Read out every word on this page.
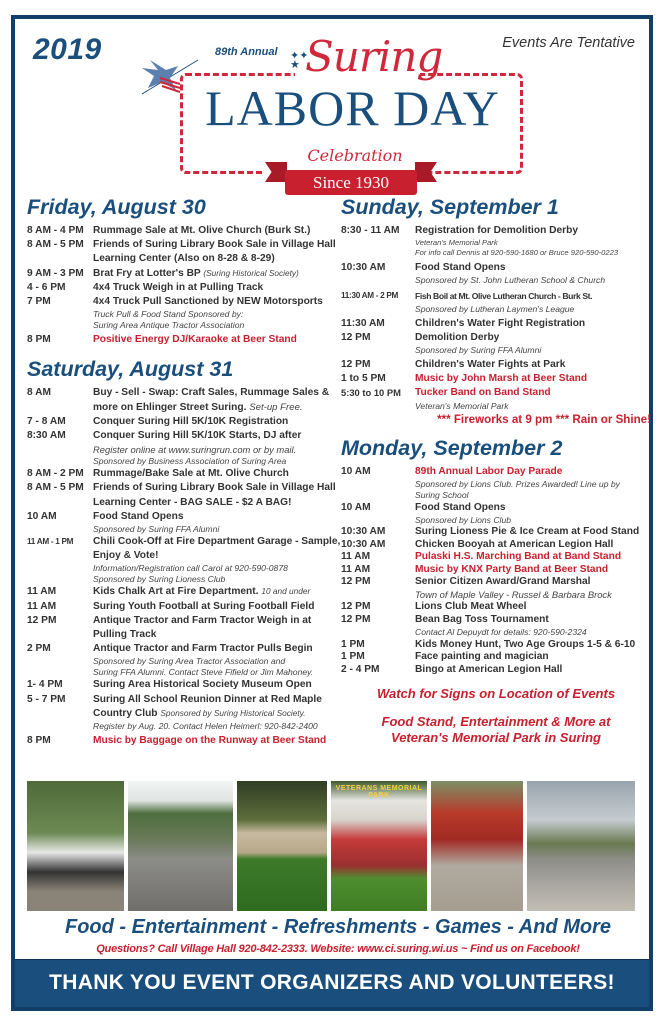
2019	Events Are Tentative
89th Annual ✦✦
★ Suring
LABOR DAY
Celebration
Since 1930
Friday, August 30
8 AM - 4 PM Rummage Sale at Mt. Olive Church (Burk St.)
8 AM - 5 PM Friends of Suring Library Book Sale in Village Hall Learning Center (Also on 8-28 & 8-29)
9 AM - 3 PM Brat Fry at Lotter's BP (Suring Historical Society)
4 - 6 PM	4x4 Truck Weigh in at Pulling Track
7 PM	4x4 Truck Pull Sanctioned by NEW Motorsports
Truck Pull & Food Stand Sponsored by:
Suring Area Antique Tractor Association
8 PM	Positive Energy DJ/Karaoke at Beer Stand
Saturday, August 31
8 AM	Buy - Sell - Swap: Craft Sales, Rummage Sales & more on Ehlinger Street Suring. Set-up Free.
7 - 8 AM	Conquer Suring Hill 5K/10K Registration
8:30 AM	Conquer Suring Hill 5K/10K Starts, DJ after
Register online at www.suringrun.com or by mail.
Sponsored by Business Association of Suring Area
8 AM - 2 PM Rummage/Bake Sale at Mt. Olive Church
8 AM - 5 PM Friends of Suring Library Book Sale in Village Hall Learning Center - BAG SALE - $2 A BAG!
10 AM	Food Stand Opens
Sponsored by Suring FFA Alumni
11 AM - 1 PM	Chili Cook-Off at Fire Department Garage - Sample, Enjoy & Vote!
Information/Registration call Carol at 920-590-0878
Sponsored by Suring Lioness Club
11 AM	Kids Chalk Art at Fire Department. 10 and under
11 AM	Suring Youth Football at Suring Football Field
12 PM	Antique Tractor and Farm Tractor Weigh in at Pulling Track
2 PM	Antique Tractor and Farm Tractor Pulls Begin
Sponsored by Suring Area Tractor Association and
Suring FFA Alumni. Contact Steve Fifield or Jim Mahoney.
1- 4 PM	Suring Area Historical Society Museum Open
5 - 7 PM	Suring All School Reunion Dinner at Red Maple Country Club Sponsored by Suring Historical Society.
Register by Aug. 20. Contact Helen Heimerl: 920-842-2400
8 PM	Music by Baggage on the Runway at Beer Stand
Sunday, September 1
8:30 - 11 AM	Registration for Demolition Derby
Veteran's Memorial Park
For info call Dennis at 920-590-1680 or Bruce 920-590-0223
10:30 AM	Food Stand Opens
Sponsored by St. John Lutheran School & Church
11:30 AM - 2 PM	Fish Boil at Mt. Olive Lutheran Church - Burk St.
Sponsored by Lutheran Laymen's League
11:30 AM	Children's Water Fight Registration
12 PM	Demolition Derby
Sponsored by Suring FFA Alumni
12 PM	Children's Water Fights at Park
1 to 5 PM	Music by John Marsh at Beer Stand
5:30 to 10 PM	Tucker Band on Band Stand
Veteran's Memorial Park
*** Fireworks at 9 pm *** Rain or Shine!
Monday, September 2
10 AM	89th Annual Labor Day Parade
Sponsored by Lions Club. Prizes Awarded! Line up by
Suring School
10 AM	Food Stand Opens
Sponsored by Lions Club
10:30 AM	Suring Lioness Pie & Ice Cream at Food Stand
10:30 AM	Chicken Booyah at American Legion Hall
11 AM	Pulaski H.S. Marching Band at Band Stand
11 AM	Music by KNX Party Band at Beer Stand
12 PM	Senior Citizen Award/Grand Marshal
Town of Maple Valley - Russel & Barbara Brock
12 PM	Lions Club Meat Wheel
12 PM	Bean Bag Toss Tournament
Contact Al Depuydt for details: 920-590-2324
1 PM	Kids Money Hunt, Two Age Groups 1-5 & 6-10
1 PM	Face painting and magician
2 - 4 PM	Bingo at American Legion Hall
Watch for Signs on Location of Events
Food Stand, Entertainment & More at
Veteran's Memorial Park in Suring
VETERANS MEMORIAL PARK
Food - Entertainment - Refreshments - Games - And More
Questions? Call Village Hall 920-842-2333. Website: www.ci.suring.wi.us ~ Find us on Facebook!
THANK YOU EVENT ORGANIZERS AND VOLUNTEERS!
